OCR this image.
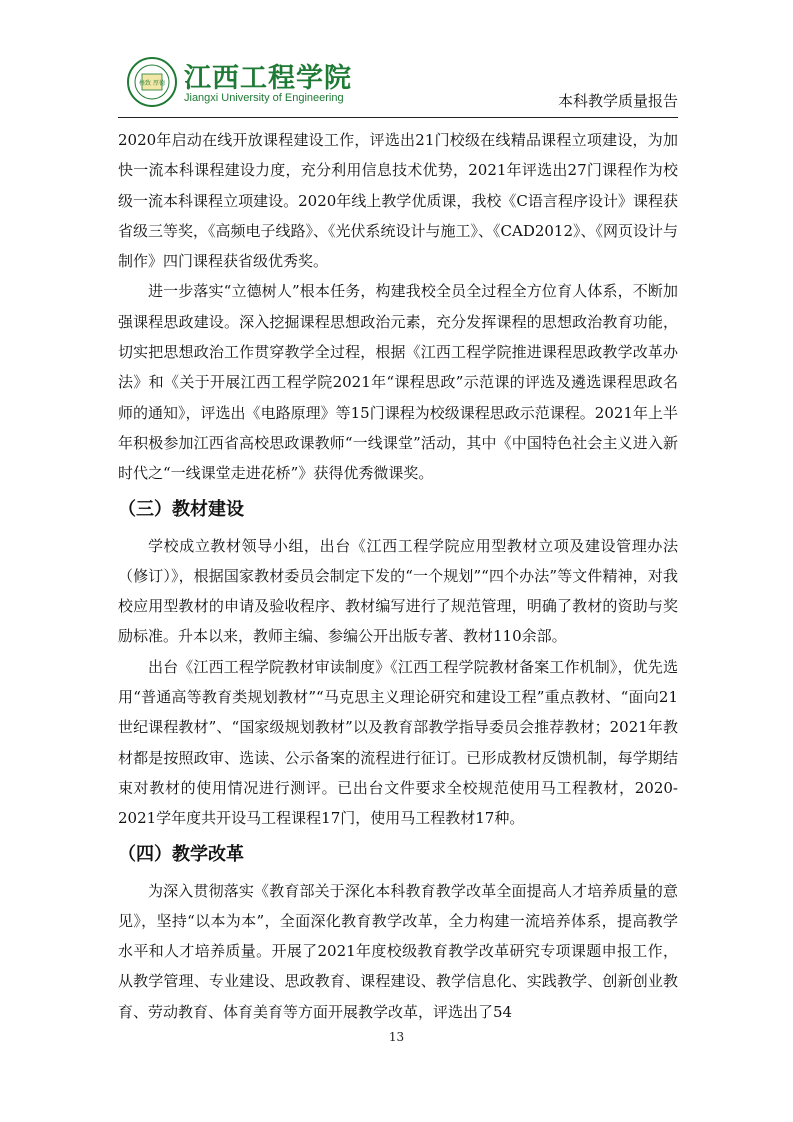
格致 厚德 江西工程学院
Jiangxi University of Engineering	本科教学质量报告

2020年启动在线开放课程建设工作，评选出21门校级在线精品课程立项建设，为加快一流本科课程建设力度，充分利用信息技术优势，2021年评选出27门课程作为校级一流本科课程立项建设。2020年线上教学优质课，我校《C语言程序设计》课程获省级三等奖，《高频电子线路》、《光伏系统设计与施工》、《CAD2012》、《网页设计与制作》四门课程获省级优秀奖。

进一步落实“立德树人”根本任务，构建我校全员全过程全方位育人体系，不断加强课程思政建设。深入挖掘课程思想政治元素，充分发挥课程的思想政治教育功能，切实把思想政治工作贯穿教学全过程，根据《江西工程学院推进课程思政教学改革办法》和《关于开展江西工程学院2021年“课程思政”示范课的评选及遴选课程思政名师的通知》，评选出《电路原理》等15门课程为校级课程思政示范课程。2021年上半年积极参加江西省高校思政课教师“一线课堂”活动，其中《中国特色社会主义进入新时代之“一线课堂走进花桥”》获得优秀微课奖。

（三）教材建设

学校成立教材领导小组，出台《江西工程学院应用型教材立项及建设管理办法（修订）》，根据国家教材委员会制定下发的“一个规划”“四个办法”等文件精神，对我校应用型教材的申请及验收程序、教材编写进行了规范管理，明确了教材的资助与奖励标准。升本以来，教师主编、参编公开出版专著、教材110余部。

出台《江西工程学院教材审读制度》《江西工程学院教材备案工作机制》，优先选用“普通高等教育类规划教材”“马克思主义理论研究和建设工程”重点教材、“面向21世纪课程教材”、“国家级规划教材”以及教育部教学指导委员会推荐教材；2021年教材都是按照政审、选读、公示备案的流程进行征订。已形成教材反馈机制，每学期结束对教材的使用情况进行测评。已出台文件要求全校规范使用马工程教材，2020-2021学年度共开设马工程课程17门，使用马工程教材17种。

（四）教学改革

为深入贯彻落实《教育部关于深化本科教育教学改革全面提高人才培养质量的意见》，坚持“以本为本”，全面深化教育教学改革，全力构建一流培养体系，提高教学水平和人才培养质量。开展了2021年度校级教育教学改革研究专项课题申报工作，从教学管理、专业建设、思政教育、课程建设、教学信息化、实践教学、创新创业教育、劳动教育、体育美育等方面开展教学改革，评选出了54

13
